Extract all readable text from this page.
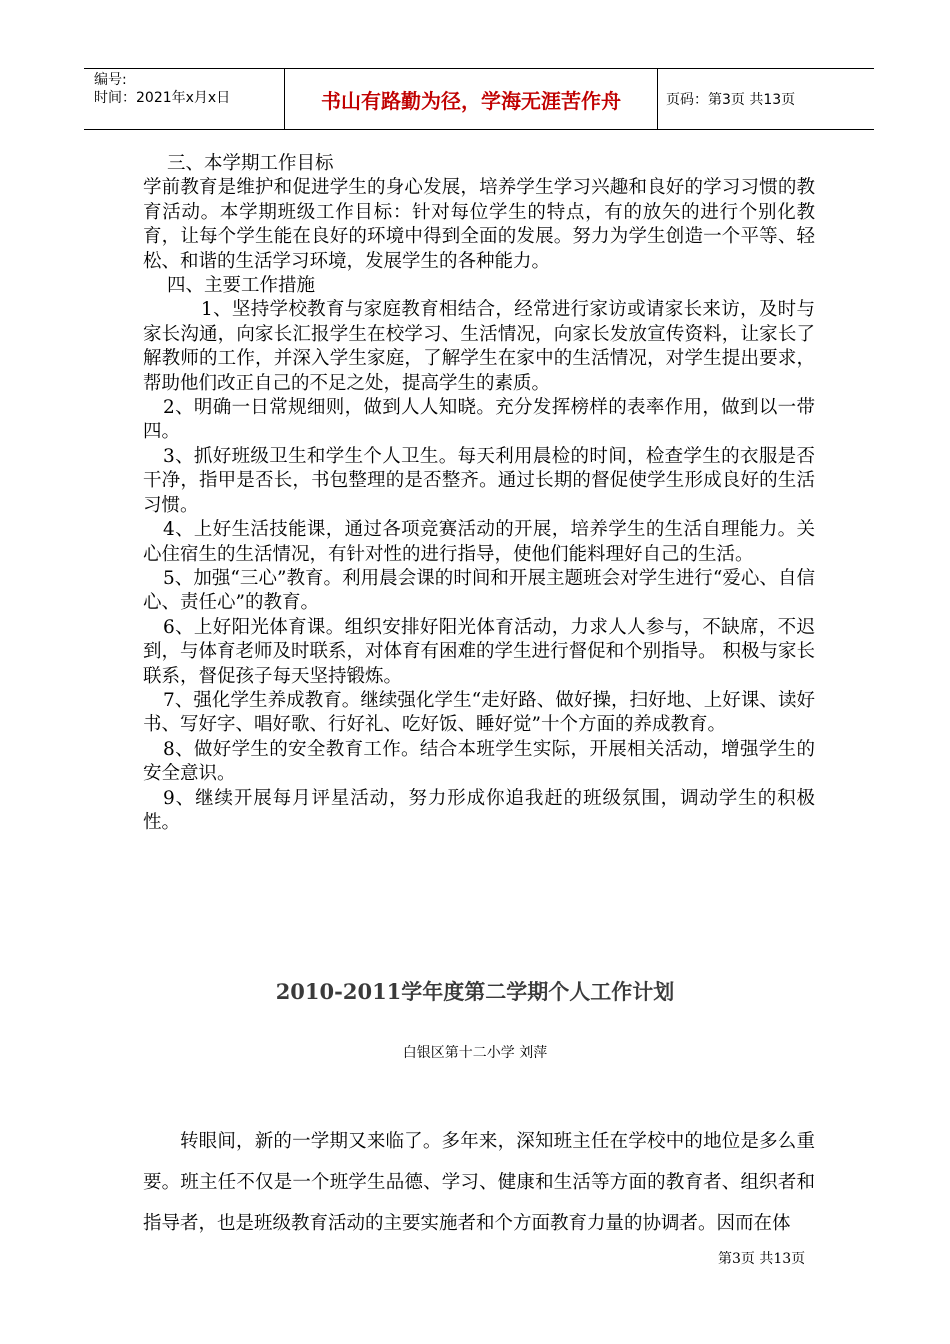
编号:
时间：2021年x月x日	书山有路勤为径，学海无涯苦作舟	页码：第3页 共13页

三、本学期工作目标

学前教育是维护和促进学生的身心发展，培养学生学习兴趣和良好的学习习惯的教育活动。本学期班级工作目标：针对每位学生的特点，有的放矢的进行个别化教育，让每个学生能在良好的环境中得到全面的发展。努力为学生创造一个平等、轻松、和谐的生活学习环境，发展学生的各种能力。

四、主要工作措施

1、坚持学校教育与家庭教育相结合，经常进行家访或请家长来访，及时与家长沟通，向家长汇报学生在校学习、生活情况，向家长发放宣传资料，让家长了解教师的工作，并深入学生家庭，了解学生在家中的生活情况，对学生提出要求，帮助他们改正自己的不足之处，提高学生的素质。

2、明确一日常规细则，做到人人知晓。充分发挥榜样的表率作用，做到以一带四。

3、抓好班级卫生和学生个人卫生。每天利用晨检的时间，检查学生的衣服是否干净，指甲是否长，书包整理的是否整齐。通过长期的督促使学生形成良好的生活习惯。

4、上好生活技能课，通过各项竞赛活动的开展，培养学生的生活自理能力。关心住宿生的生活情况，有针对性的进行指导，使他们能料理好自己的生活。

5、加强“三心”教育。利用晨会课的时间和开展主题班会对学生进行“爱心、自信心、责任心”的教育。

6、上好阳光体育课。组织安排好阳光体育活动，力求人人参与，不缺席，不迟到，与体育老师及时联系，对体育有困难的学生进行督促和个别指导。 积极与家长联系，督促孩子每天坚持锻炼。

7、强化学生养成教育。继续强化学生“走好路、做好操，扫好地、上好课、读好书、写好字、唱好歌、行好礼、吃好饭、睡好觉”十个方面的养成教育。

8、做好学生的安全教育工作。结合本班学生实际，开展相关活动，增强学生的安全意识。

9、继续开展每月评星活动，努力形成你追我赶的班级氛围，调动学生的积极性。

2010-2011学年度第二学期个人工作计划
白银区第十二小学 刘萍

转眼间，新的一学期又来临了。多年来，深知班主任在学校中的地位是多么重要。班主任不仅是一个班学生品德、学习、健康和生活等方面的教育者、组织者和指导者，也是班级教育活动的主要实施者和个方面教育力量的协调者。因而在体

第3页 共13页
